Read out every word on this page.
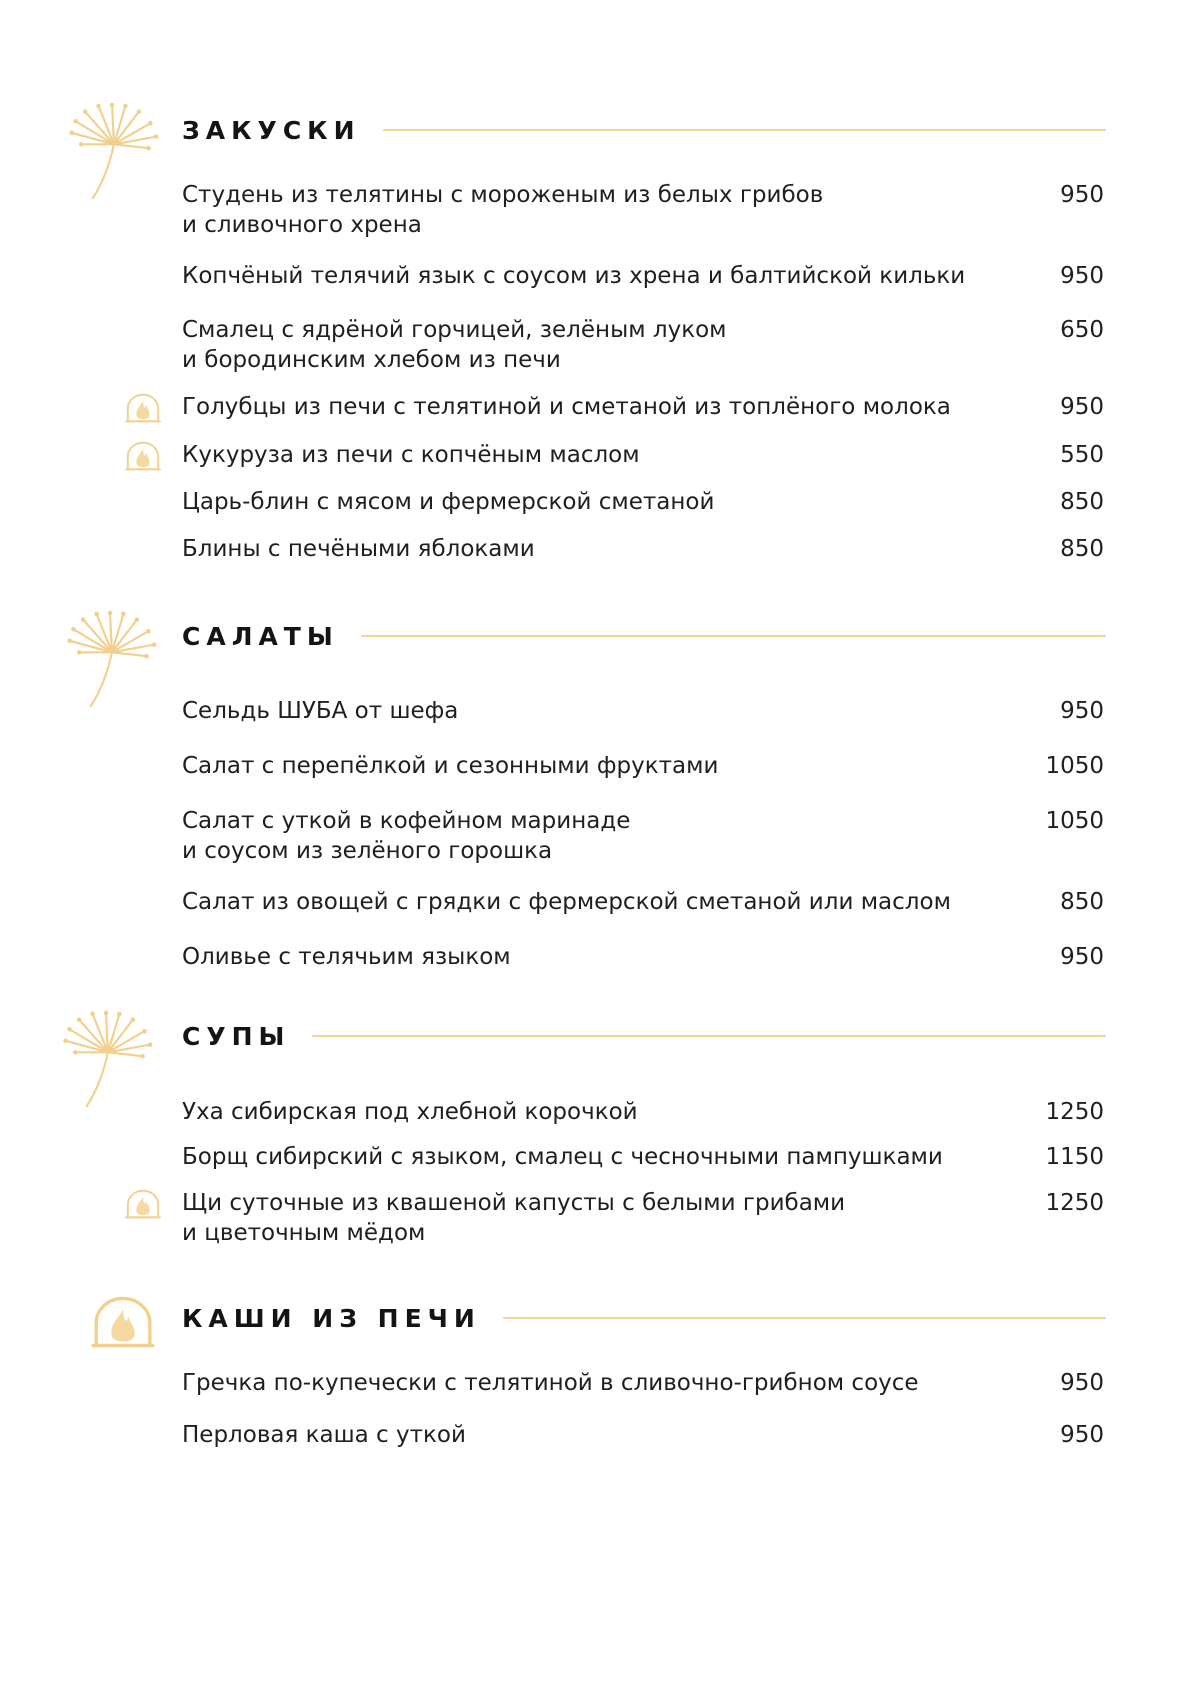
ЗАКУСКИ
Студень из телятины с мороженым из белых грибов
и сливочного хрена
950
Копчёный телячий язык с соусом из хрена и балтийской кильки	950
Смалец с ядрёной горчицей, зелёным луком
и бородинским хлебом из печи
650
Голубцы из печи с телятиной и сметаной из топлёного молока	950
Кукуруза из печи с копчёным маслом	550
Царь-блин с мясом и фермерской сметаной	850
Блины с печёными яблоками	850
САЛАТЫ
Сельдь ШУБА от шефа	950
Салат с перепёлкой и сезонными фруктами	1050
Салат с уткой в кофейном маринаде
и соусом из зелёного горошка
1050
Салат из овощей с грядки с фермерской сметаной или маслом	850
Оливье с телячьим языком	950
СУПЫ
Уха сибирская под хлебной корочкой	1250
Борщ сибирский с языком, смалец с чесночными пампушками	1150
Щи суточные из квашеной капусты с белыми грибами
и цветочным мёдом
1250
КАШИ ИЗ ПЕЧИ
Гречка по-купечески с телятиной в сливочно-грибном соусе	950
Перловая каша с уткой	950
